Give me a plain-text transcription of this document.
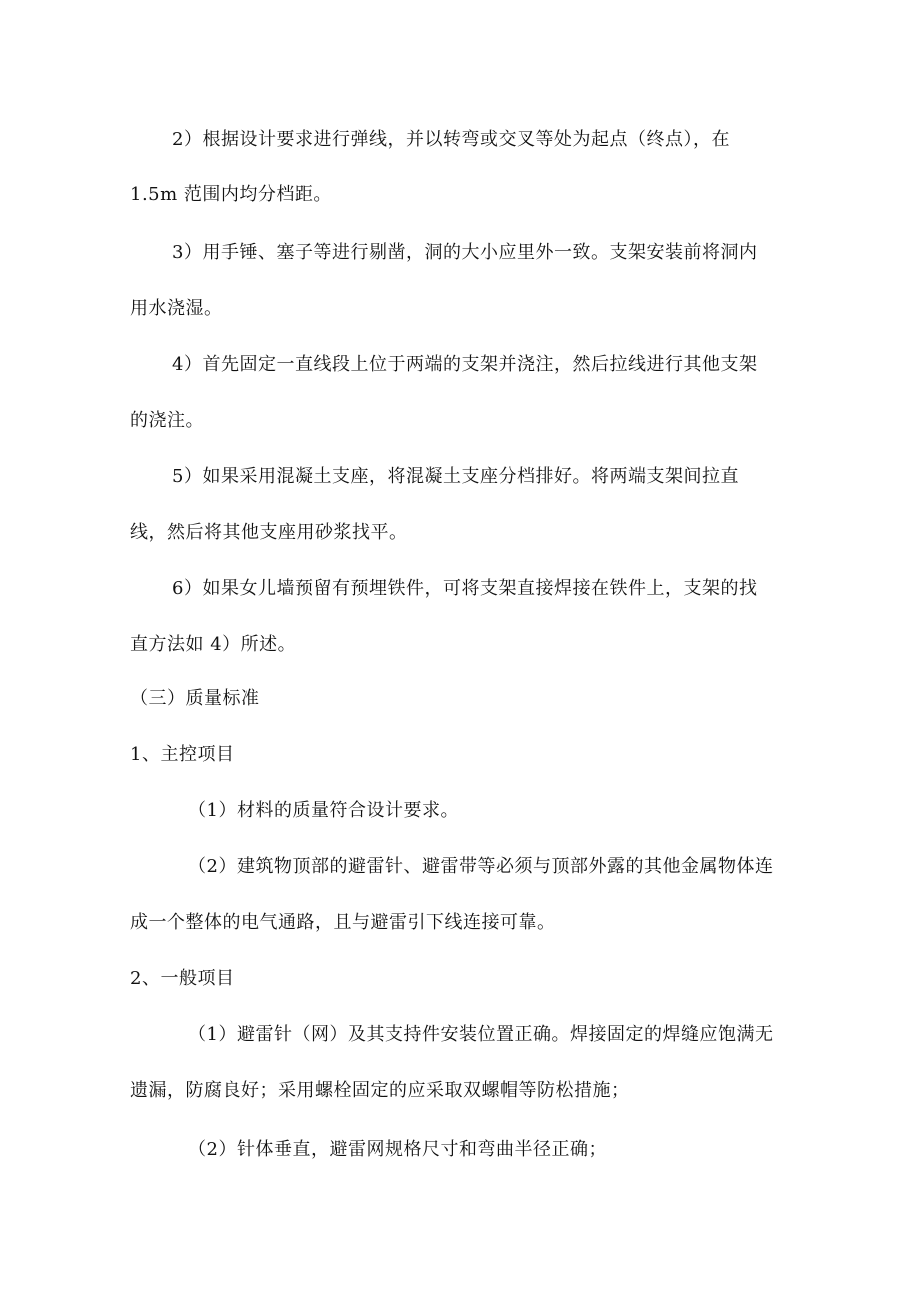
2）根据设计要求进行弹线，并以转弯或交叉等处为起点（终点），在
1.5m 范围内均分档距。
3）用手锤、塞子等进行剔凿，洞的大小应里外一致。支架安装前将洞内
用水浇湿。
4）首先固定一直线段上位于两端的支架并浇注，然后拉线进行其他支架
的浇注。
5）如果采用混凝土支座，将混凝土支座分档排好。将两端支架间拉直
线，然后将其他支座用砂浆找平。
6）如果女儿墙预留有预埋铁件，可将支架直接焊接在铁件上，支架的找
直方法如 4）所述。
（三）质量标准
1、主控项目
（1）材料的质量符合设计要求。
（2）建筑物顶部的避雷针、避雷带等必须与顶部外露的其他金属物体连
成一个整体的电气通路，且与避雷引下线连接可靠。
2、一般项目
（1）避雷针（网）及其支持件安装位置正确。焊接固定的焊缝应饱满无
遗漏，防腐良好；采用螺栓固定的应采取双螺帽等防松措施；
（2）针体垂直，避雷网规格尺寸和弯曲半径正确；
